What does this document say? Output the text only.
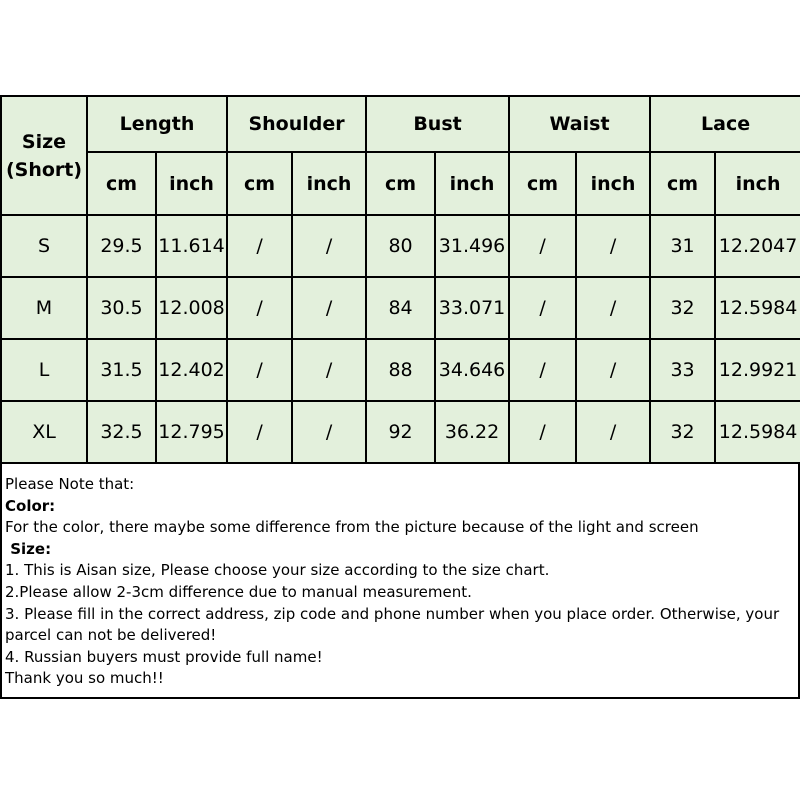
Size
(Short)	Length		Shoulder		Bust		Waist		Lace	
	cm	inch	cm	inch	cm	inch	cm	inch	cm	inch
S	29.5	11.614	/	/	80	31.496	/	/	31	12.2047
M	30.5	12.008	/	/	84	33.071	/	/	32	12.5984
L	31.5	12.402	/	/	88	34.646	/	/	33	12.9921
XL	32.5	12.795	/	/	92	36.22	/	/	32	12.5984
Please Note that:
Color:
For the color, there maybe some difference from the picture because of the light and screen
Size:
1. This is Aisan size, Please choose your size according to the size chart.
2.Please allow 2-3cm difference due to manual measurement.
3. Please fill in the correct address, zip code and phone number when you place order. Otherwise, your parcel can not be delivered!
4. Russian buyers must provide full name!
Thank you so much!!
